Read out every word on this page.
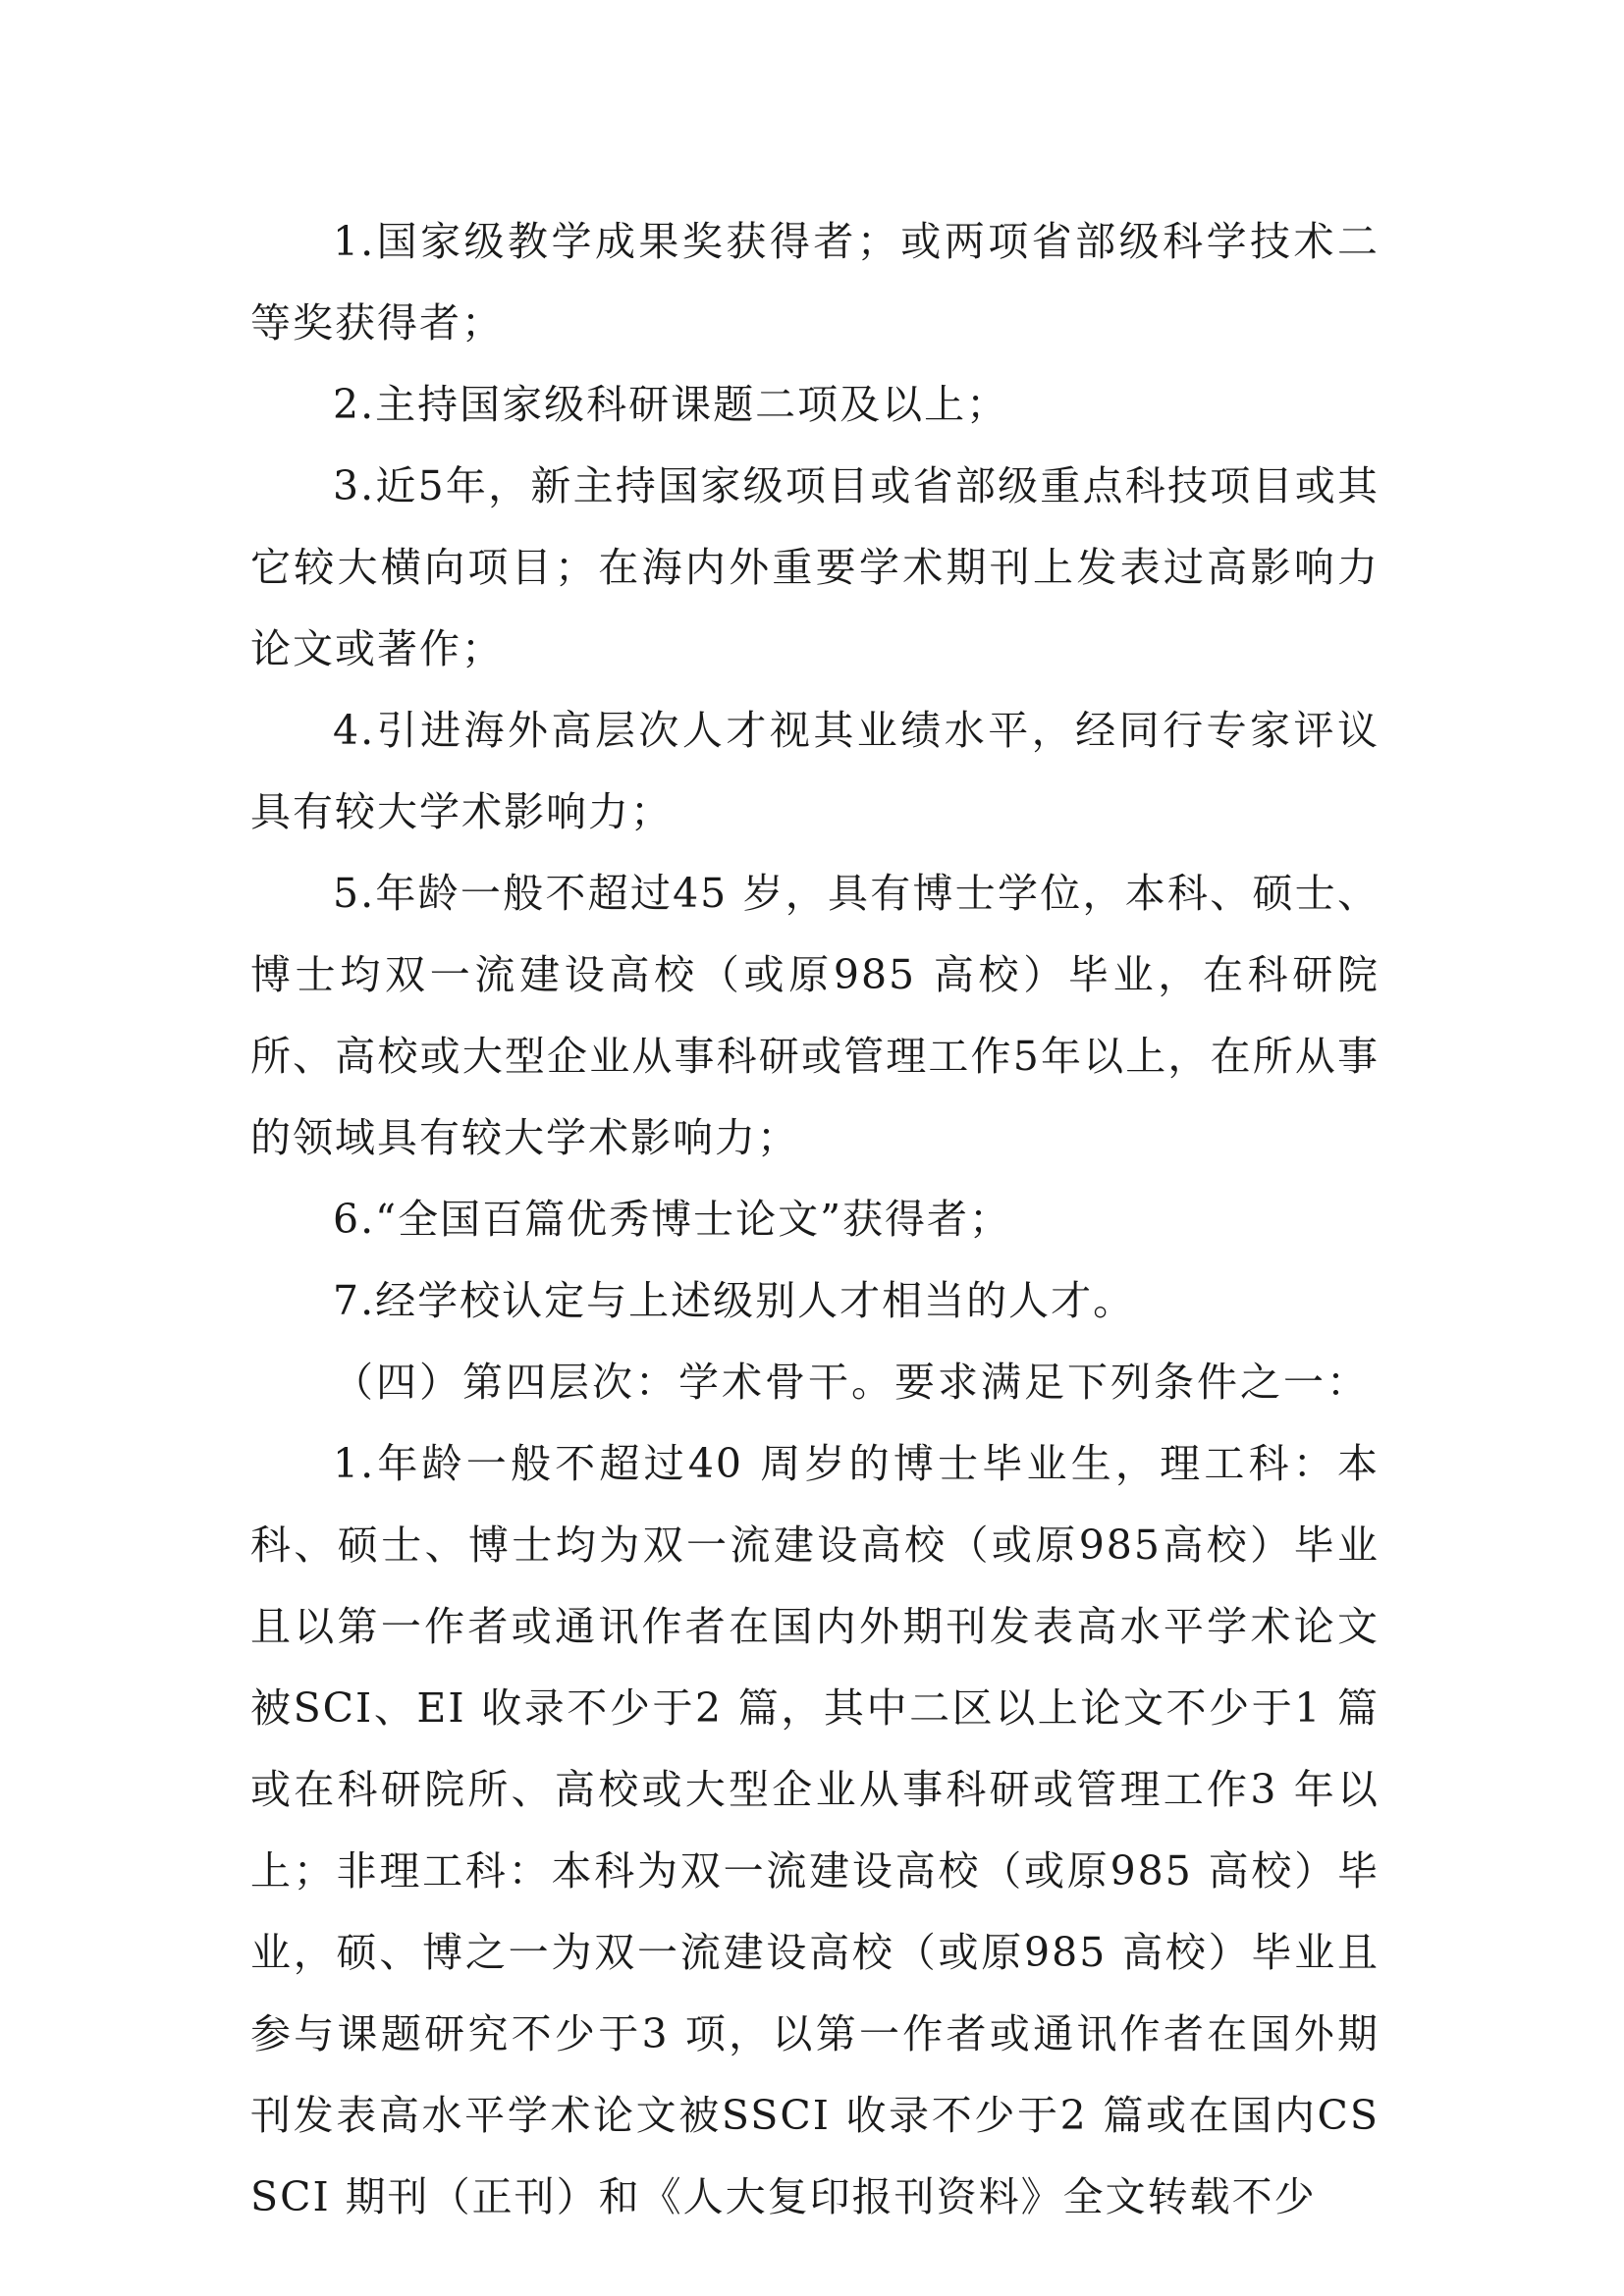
1.国家级教学成果奖获得者；或两项省部级科学技术二等奖获得者；

2.主持国家级科研课题二项及以上；

3.近5年，新主持国家级项目或省部级重点科技项目或其它较大横向项目；在海内外重要学术期刊上发表过高影响力论文或著作；

4.引进海外高层次人才视其业绩水平，经同行专家评议具有较大学术影响力；

5.年龄一般不超过45 岁，具有博士学位，本科、硕士、博士均双一流建设高校（或原985 高校）毕业，在科研院所、高校或大型企业从事科研或管理工作5年以上，在所从事的领域具有较大学术影响力；

6.“全国百篇优秀博士论文”获得者；

7.经学校认定与上述级别人才相当的人才。

（四）第四层次：学术骨干。要求满足下列条件之一：

1.年龄一般不超过40 周岁的博士毕业生，理工科：本科、硕士、博士均为双一流建设高校（或原985高校）毕业且以第一作者或通讯作者在国内外期刊发表高水平学术论文被SCI、EI 收录不少于2 篇，其中二区以上论文不少于1 篇或在科研院所、高校或大型企业从事科研或管理工作3 年以上；非理工科：本科为双一流建设高校（或原985 高校）毕业，硕、博之一为双一流建设高校（或原985 高校）毕业且参与课题研究不少于3 项，以第一作者或通讯作者在国外期刊发表高水平学术论文被SSCI 收录不少于2 篇或在国内CSSCI 期刊（正刊）和《人大复印报刊资料》全文转载不少
